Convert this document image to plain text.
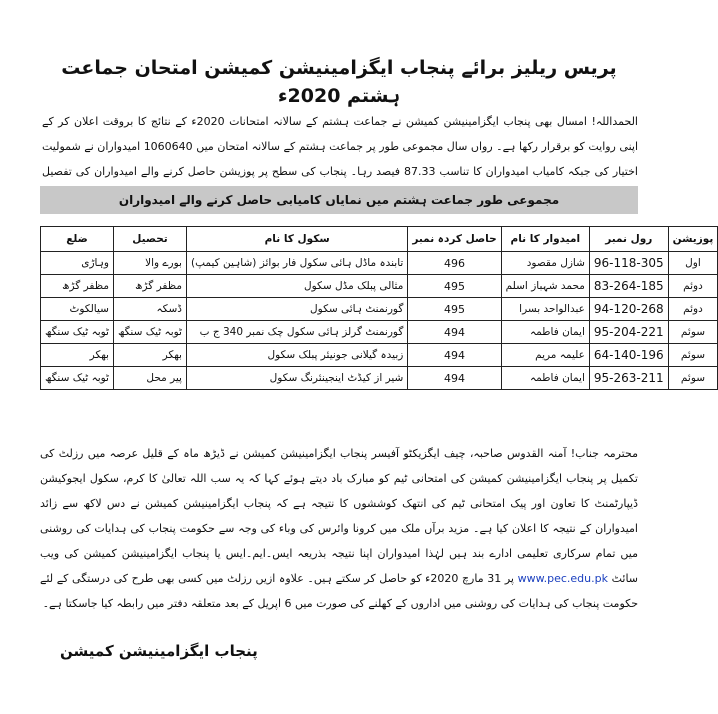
پریس ریلیز برائے پنجاب ایگزامینیشن کمیشن امتحان جماعت ہشتم 2020ء

الحمداللہ! امسال بھی پنجاب ایگزامینیشن کمیشن نے جماعت ہشتم کے سالانہ امتحانات 2020ء کے نتائج کا بروقت اعلان کر کے اپنی روایت کو برقرار رکھا ہے۔ رواں سال مجموعی طور پر جماعت ہشتم کے سالانہ امتحان میں 1060640 امیدواران نے شمولیت اختیار کی جبکہ کامیاب امیدواران کا تناسب 87.33 فیصد رہا۔ پنجاب کی سطح پر پوزیشن حاصل کرنے والے امیدواران کی تفصیل

مجموعی طور جماعت ہشتم میں نمایاں کامیابی حاصل کرنے والے امیدواران
پوزیشن	رول نمبر	امیدوار کا نام	حاصل کردہ نمبر	سکول کا نام	تحصیل	ضلع
اول	96-118-305	شازل مقصود	496	تابندہ ماڈل ہائی سکول فار بوائز (شاہین کیمپ)	بورے والا	وہاڑی
دوئم	83-264-185	محمد شہباز اسلم	495	مثالی پبلک مڈل سکول	مظفر گڑھ	مظفر گڑھ
دوئم	94-120-268	عبدالواحد بسرا	495	گورنمنٹ ہائی سکول	ڈسکہ	سیالکوٹ
سوئم	95-204-221	ایمان فاطمہ	494	گورنمنٹ گرلز ہائی سکول چک نمبر 340 ج ب	ٹوبہ ٹیک سنگھ	ٹوبہ ٹیک سنگھ
سوئم	64-140-196	علیمہ مریم	494	زبیدہ گیلانی جونیئر پبلک سکول	بھکر	بھکر
سوئم	95-263-211	ایمان فاطمہ	494	شیر از کیڈٹ اینجینئرنگ سکول	پیر محل	ٹوبہ ٹیک سنگھ

محترمہ جناب! آمنہ القدوس صاحبہ، چیف ایگزیکٹو آفیسر پنجاب ایگزامینیشن کمیشن نے ڈیڑھ ماہ کے قلیل عرصہ میں رزلٹ کی تکمیل پر پنجاب ایگزامینیشن کمیشن کی امتحانی ٹیم کو مبارک باد دیتے ہوئے کہا کہ یہ سب اللہ تعالیٰ کا کرم، سکول ایجوکیشن ڈیپارٹمنٹ کا تعاون اور پیک امتحانی ٹیم کی انتھک کوششوں کا نتیجہ ہے کہ پنجاب ایگزامینیشن کمیشن نے دس لاکھ سے زائد امیدواران کے نتیجہ کا اعلان کیا ہے۔ مزید برآں ملک میں کرونا وائرس کی وباء کی وجہ سے حکومت پنجاب کی ہدایات کی روشنی میں تمام سرکاری تعلیمی ادارے بند ہیں لہٰذا امیدواران اپنا نتیجہ بذریعہ ایس۔ایم۔ایس یا پنجاب ایگزامینیشن کمیشن کی ویب سائٹ www.pec.edu.pk پر 31 مارچ 2020ء کو حاصل کر سکتے ہیں۔ علاوہ ازیں رزلٹ میں کسی بھی طرح کی درستگی کے لئے حکومت پنجاب کی ہدایات کی روشنی میں اداروں کے کھلنے کی صورت میں 6 اپریل کے بعد متعلقہ دفتر میں رابطہ کیا جاسکتا ہے۔

پنجاب ایگزامینیشن کمیشن
